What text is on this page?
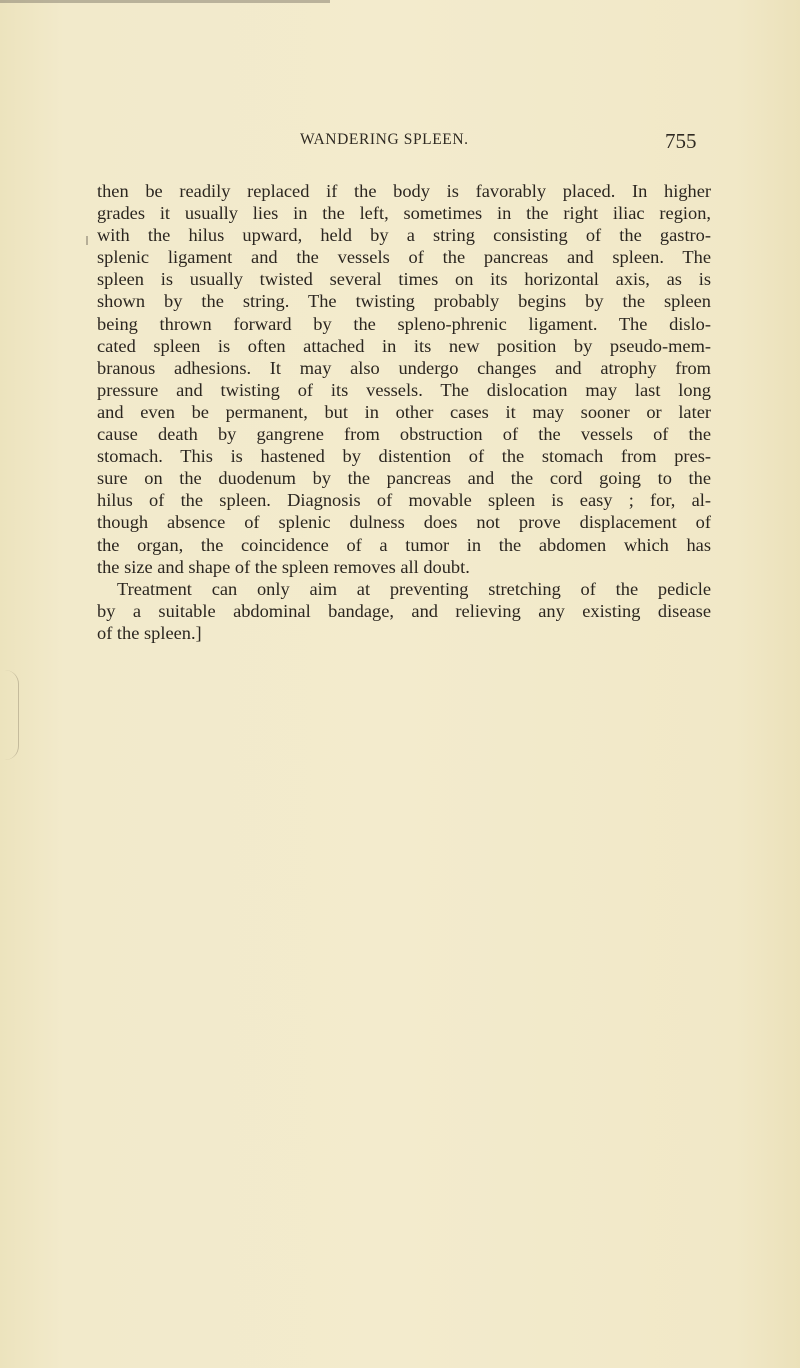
WANDERING SPLEEN.	755
then be readily replaced if the body is favorably placed. In higher
grades it usually lies in the left, sometimes in the right iliac region,
with the hilus upward, held by a string consisting of the gastro-
splenic ligament and the vessels of the pancreas and spleen. The
spleen is usually twisted several times on its horizontal axis, as is
shown by the string. The twisting probably begins by the spleen
being thrown forward by the spleno-phrenic ligament. The dislo-
cated spleen is often attached in its new position by pseudo-mem-
branous adhesions. It may also undergo changes and atrophy from
pressure and twisting of its vessels. The dislocation may last long
and even be permanent, but in other cases it may sooner or later
cause death by gangrene from obstruction of the vessels of the
stomach. This is hastened by distention of the stomach from pres-
sure on the duodenum by the pancreas and the cord going to the
hilus of the spleen. Diagnosis of movable spleen is easy ; for, al-
though absence of splenic dulness does not prove displacement of
the organ, the coincidence of a tumor in the abdomen which has
the size and shape of the spleen removes all doubt.
Treatment can only aim at preventing stretching of the pedicle
by a suitable abdominal bandage, and relieving any existing disease
of the spleen.]
